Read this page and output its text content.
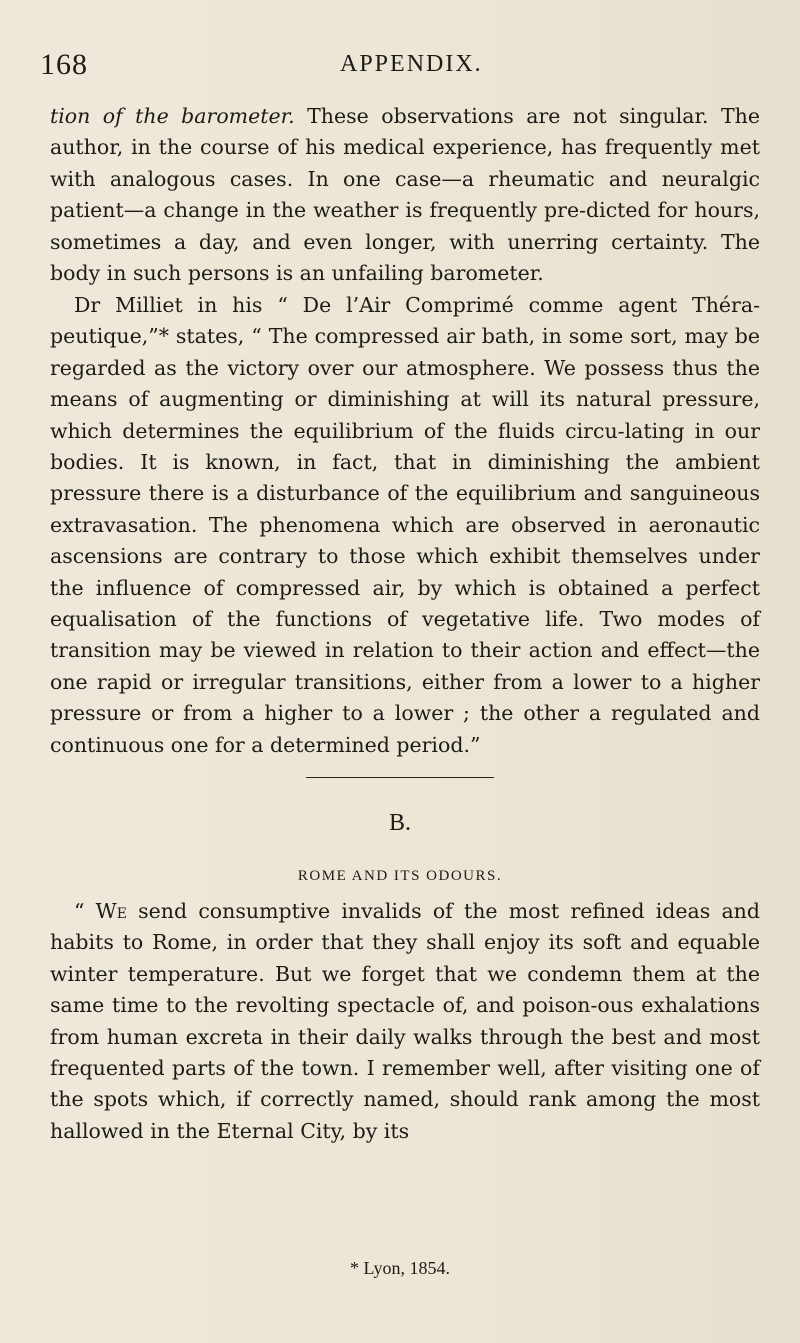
168	APPENDIX.

tion of the barometer. These observations are not singular. The author, in the course of his medical experience, has frequently met with analogous cases. In one case—a rheumatic and neuralgic patient—a change in the weather is frequently pre-dicted for hours, sometimes a day, and even longer, with unerring certainty. The body in such persons is an unfailing barometer.

Dr Milliet in his “ De l’Air Comprimé comme agent Théra-peutique,”* states, “ The compressed air bath, in some sort, may be regarded as the victory over our atmosphere. We possess thus the means of augmenting or diminishing at will its natural pressure, which determines the equilibrium of the fluids circu-lating in our bodies. It is known, in fact, that in diminishing the ambient pressure there is a disturbance of the equilibrium and sanguineous extravasation. The phenomena which are observed in aeronautic ascensions are contrary to those which exhibit themselves under the influence of compressed air, by which is obtained a perfect equalisation of the functions of vegetative life. Two modes of transition may be viewed in relation to their action and effect—the one rapid or irregular transitions, either from a lower to a higher pressure or from a higher to a lower ; the other a regulated and continuous one for a determined period.”

B.
ROME AND ITS ODOURS.

“ We send consumptive invalids of the most refined ideas and habits to Rome, in order that they shall enjoy its soft and equable winter temperature. But we forget that we condemn them at the same time to the revolting spectacle of, and poison-ous exhalations from human excreta in their daily walks through the best and most frequented parts of the town. I remember well, after visiting one of the spots which, if correctly named, should rank among the most hallowed in the Eternal City, by its

* Lyon, 1854.
